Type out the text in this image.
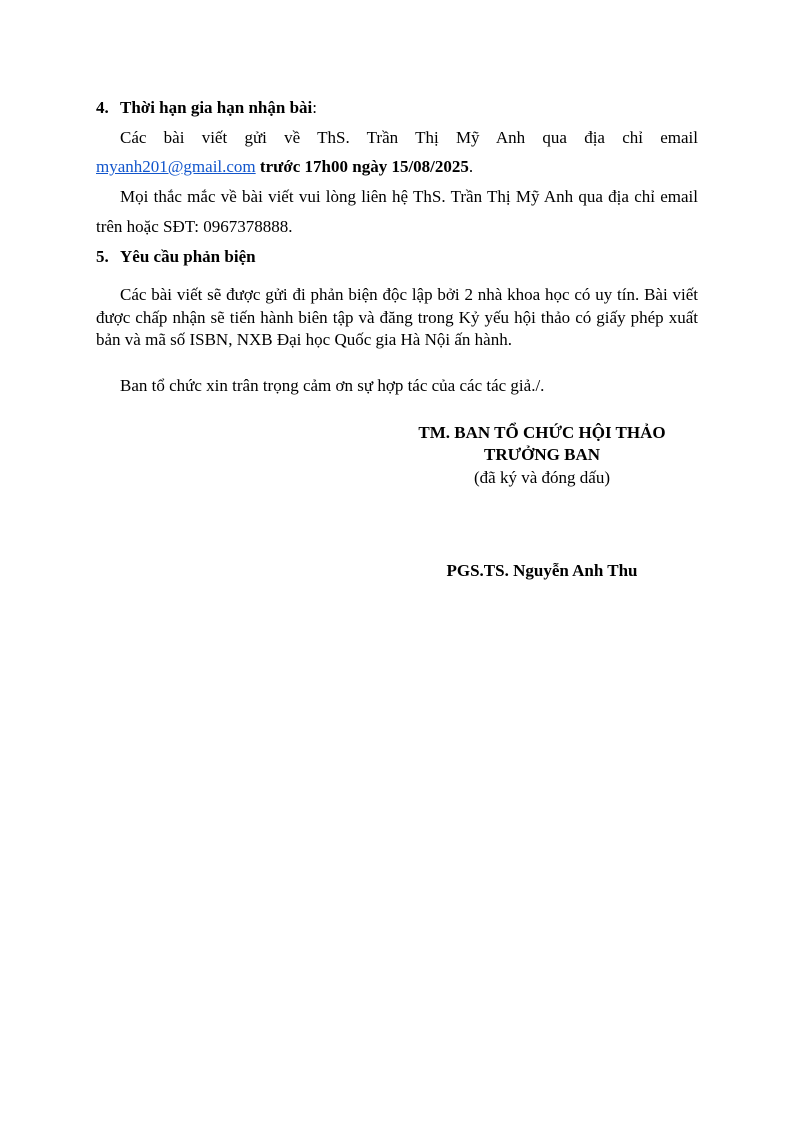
4. Thời hạn gia hạn nhận bài:
Các bài viết gửi về ThS. Trần Thị Mỹ Anh qua địa chỉ email
myanh201@gmail.com trước 17h00 ngày 15/08/2025.
Mọi thắc mắc về bài viết vui lòng liên hệ ThS. Trần Thị Mỹ Anh qua địa chỉ email
trên hoặc SĐT: 0967378888.
5. Yêu cầu phản biện
Các bài viết sẽ được gửi đi phản biện độc lập bởi 2 nhà khoa học có uy tín. Bài viết
được chấp nhận sẽ tiến hành biên tập và đăng trong Kỷ yếu hội thảo có giấy phép xuất
bản và mã số ISBN, NXB Đại học Quốc gia Hà Nội ấn hành.
Ban tổ chức xin trân trọng cảm ơn sự hợp tác của các tác giả./.
TM. BAN TỔ CHỨC HỘI THẢO
TRƯỞNG BAN
(đã ký và đóng dấu)
PGS.TS. Nguyễn Anh Thu
